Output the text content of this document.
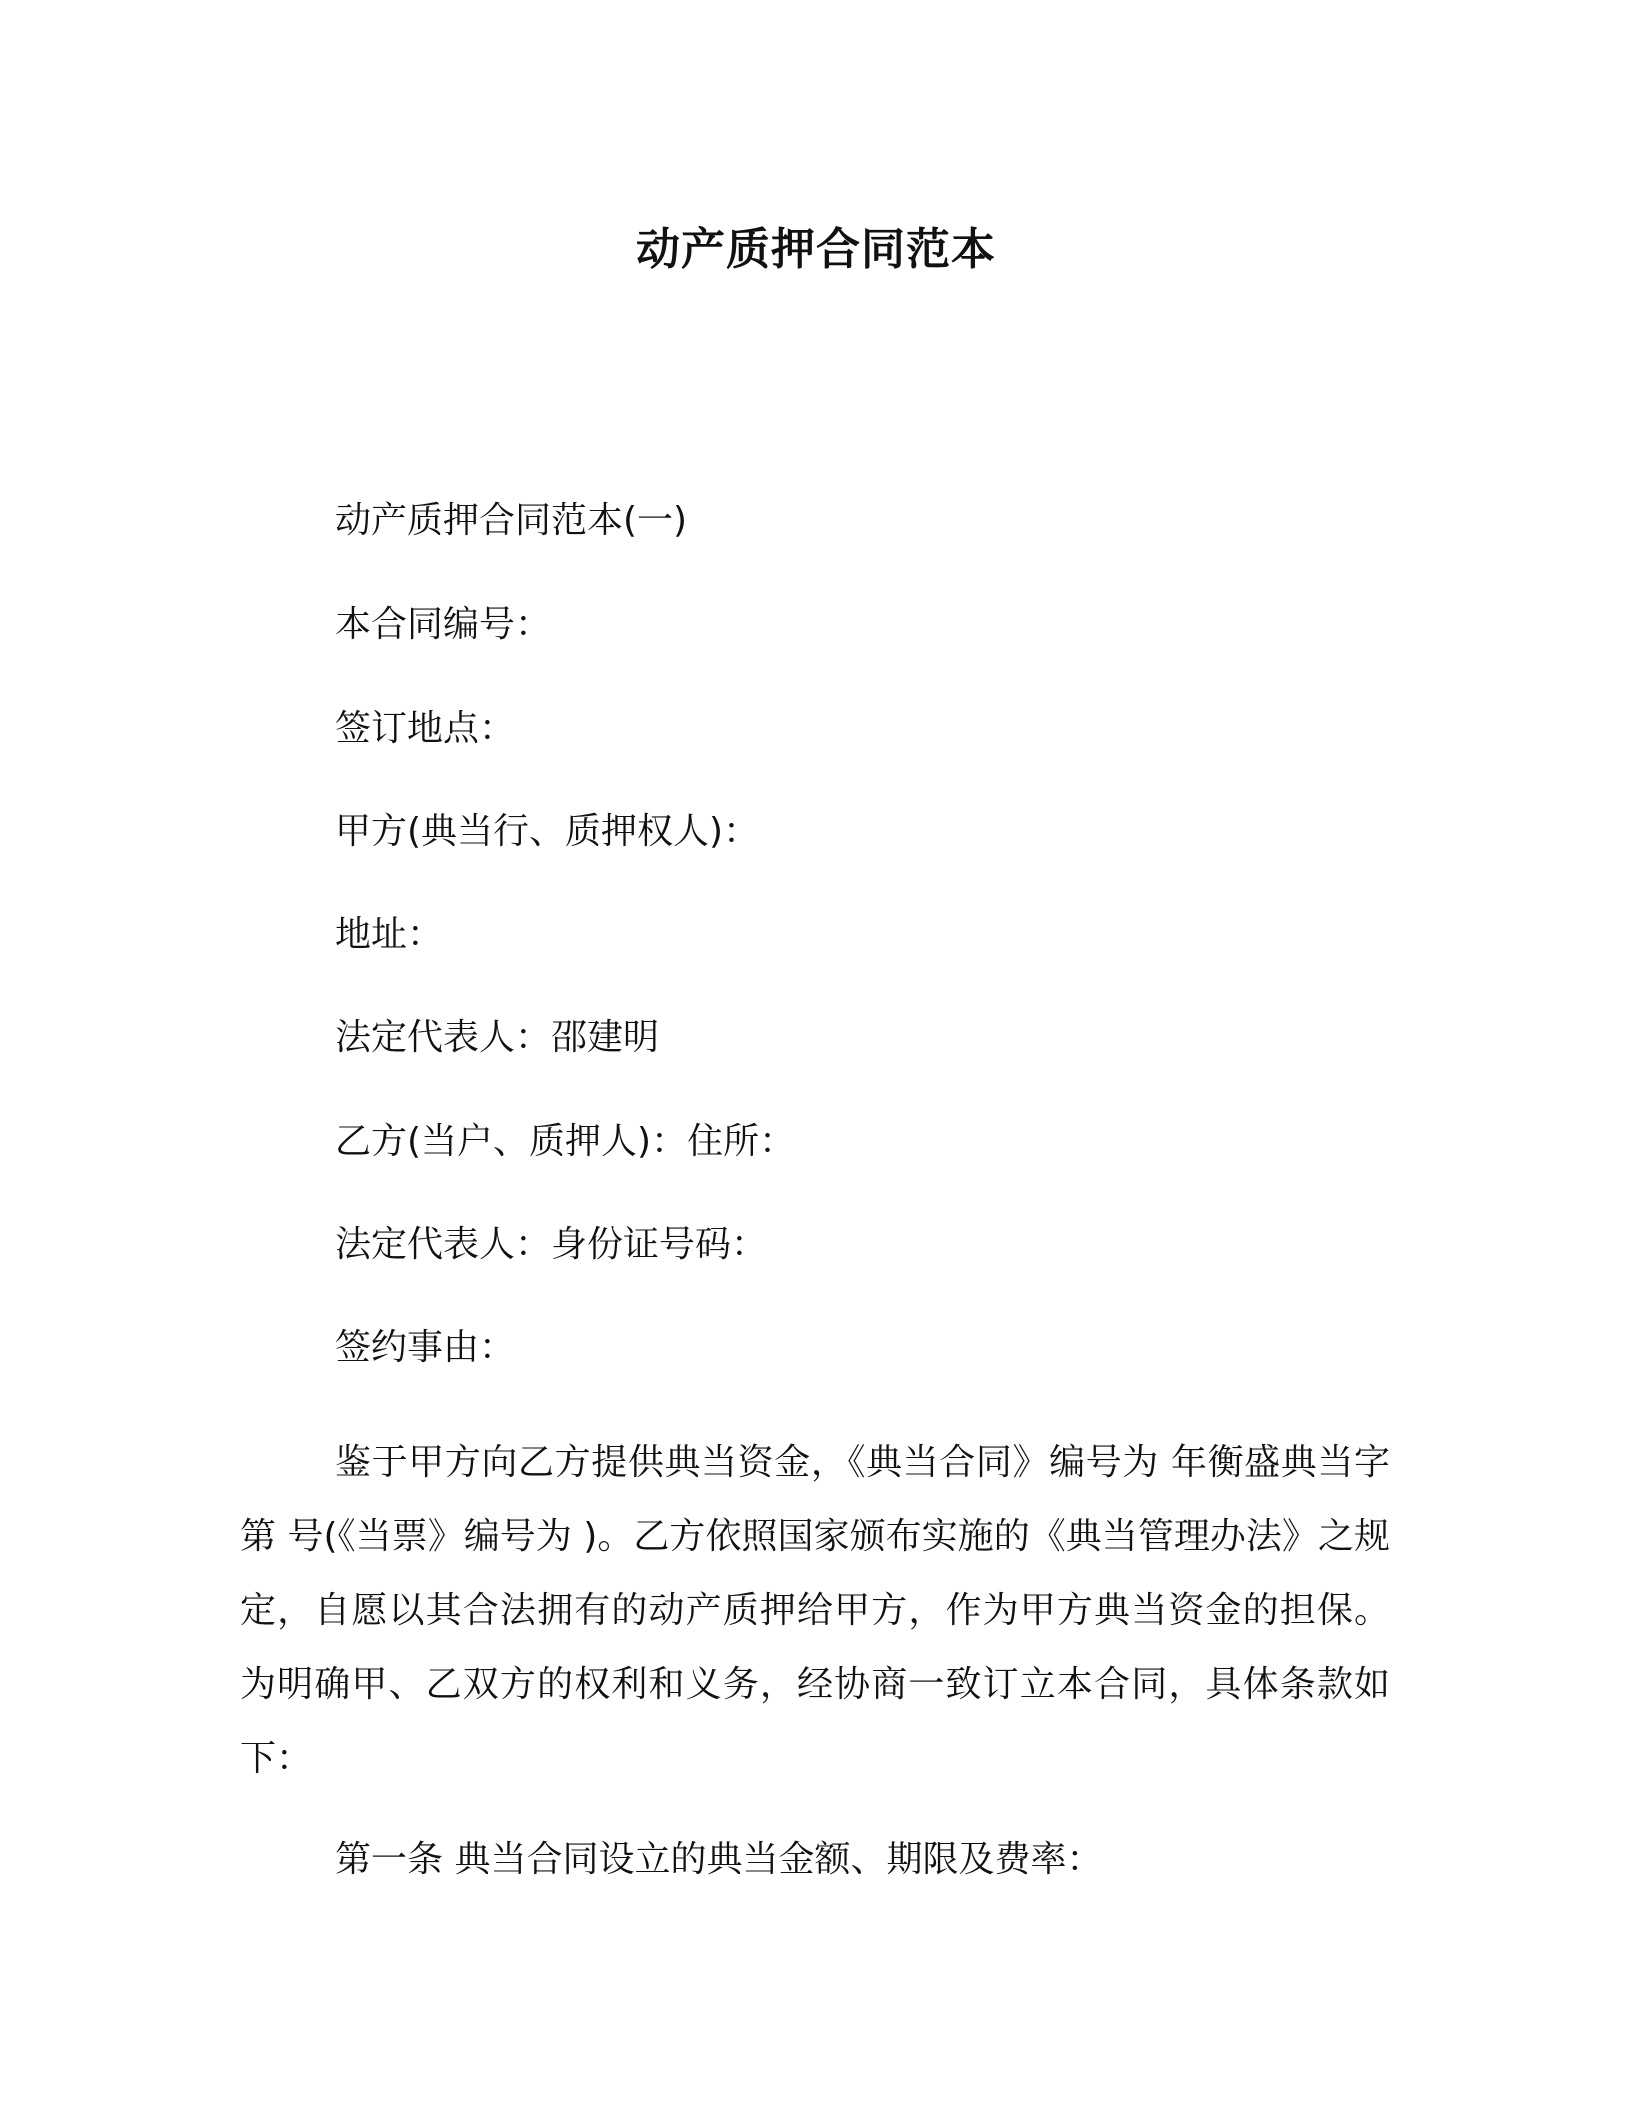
动产质押合同范本
动产质押合同范本(一)
本合同编号：
签订地点：
甲方(典当行、质押权人)：
地址：
法定代表人：邵建明
乙方(当户、质押人)：住所：
法定代表人：身份证号码：
签约事由：
鉴于甲方向乙方提供典当资金，《典当合同》编号为 年衡盛典当字第 号(《当票》编号为 )。乙方依照国家颁布实施的《典当管理办法》之规定，自愿以其合法拥有的动产质押给甲方，作为甲方典当资金的担保。为明确甲、乙双方的权利和义务，经协商一致订立本合同，具体条款如下：
第一条 典当合同设立的典当金额、期限及费率：
